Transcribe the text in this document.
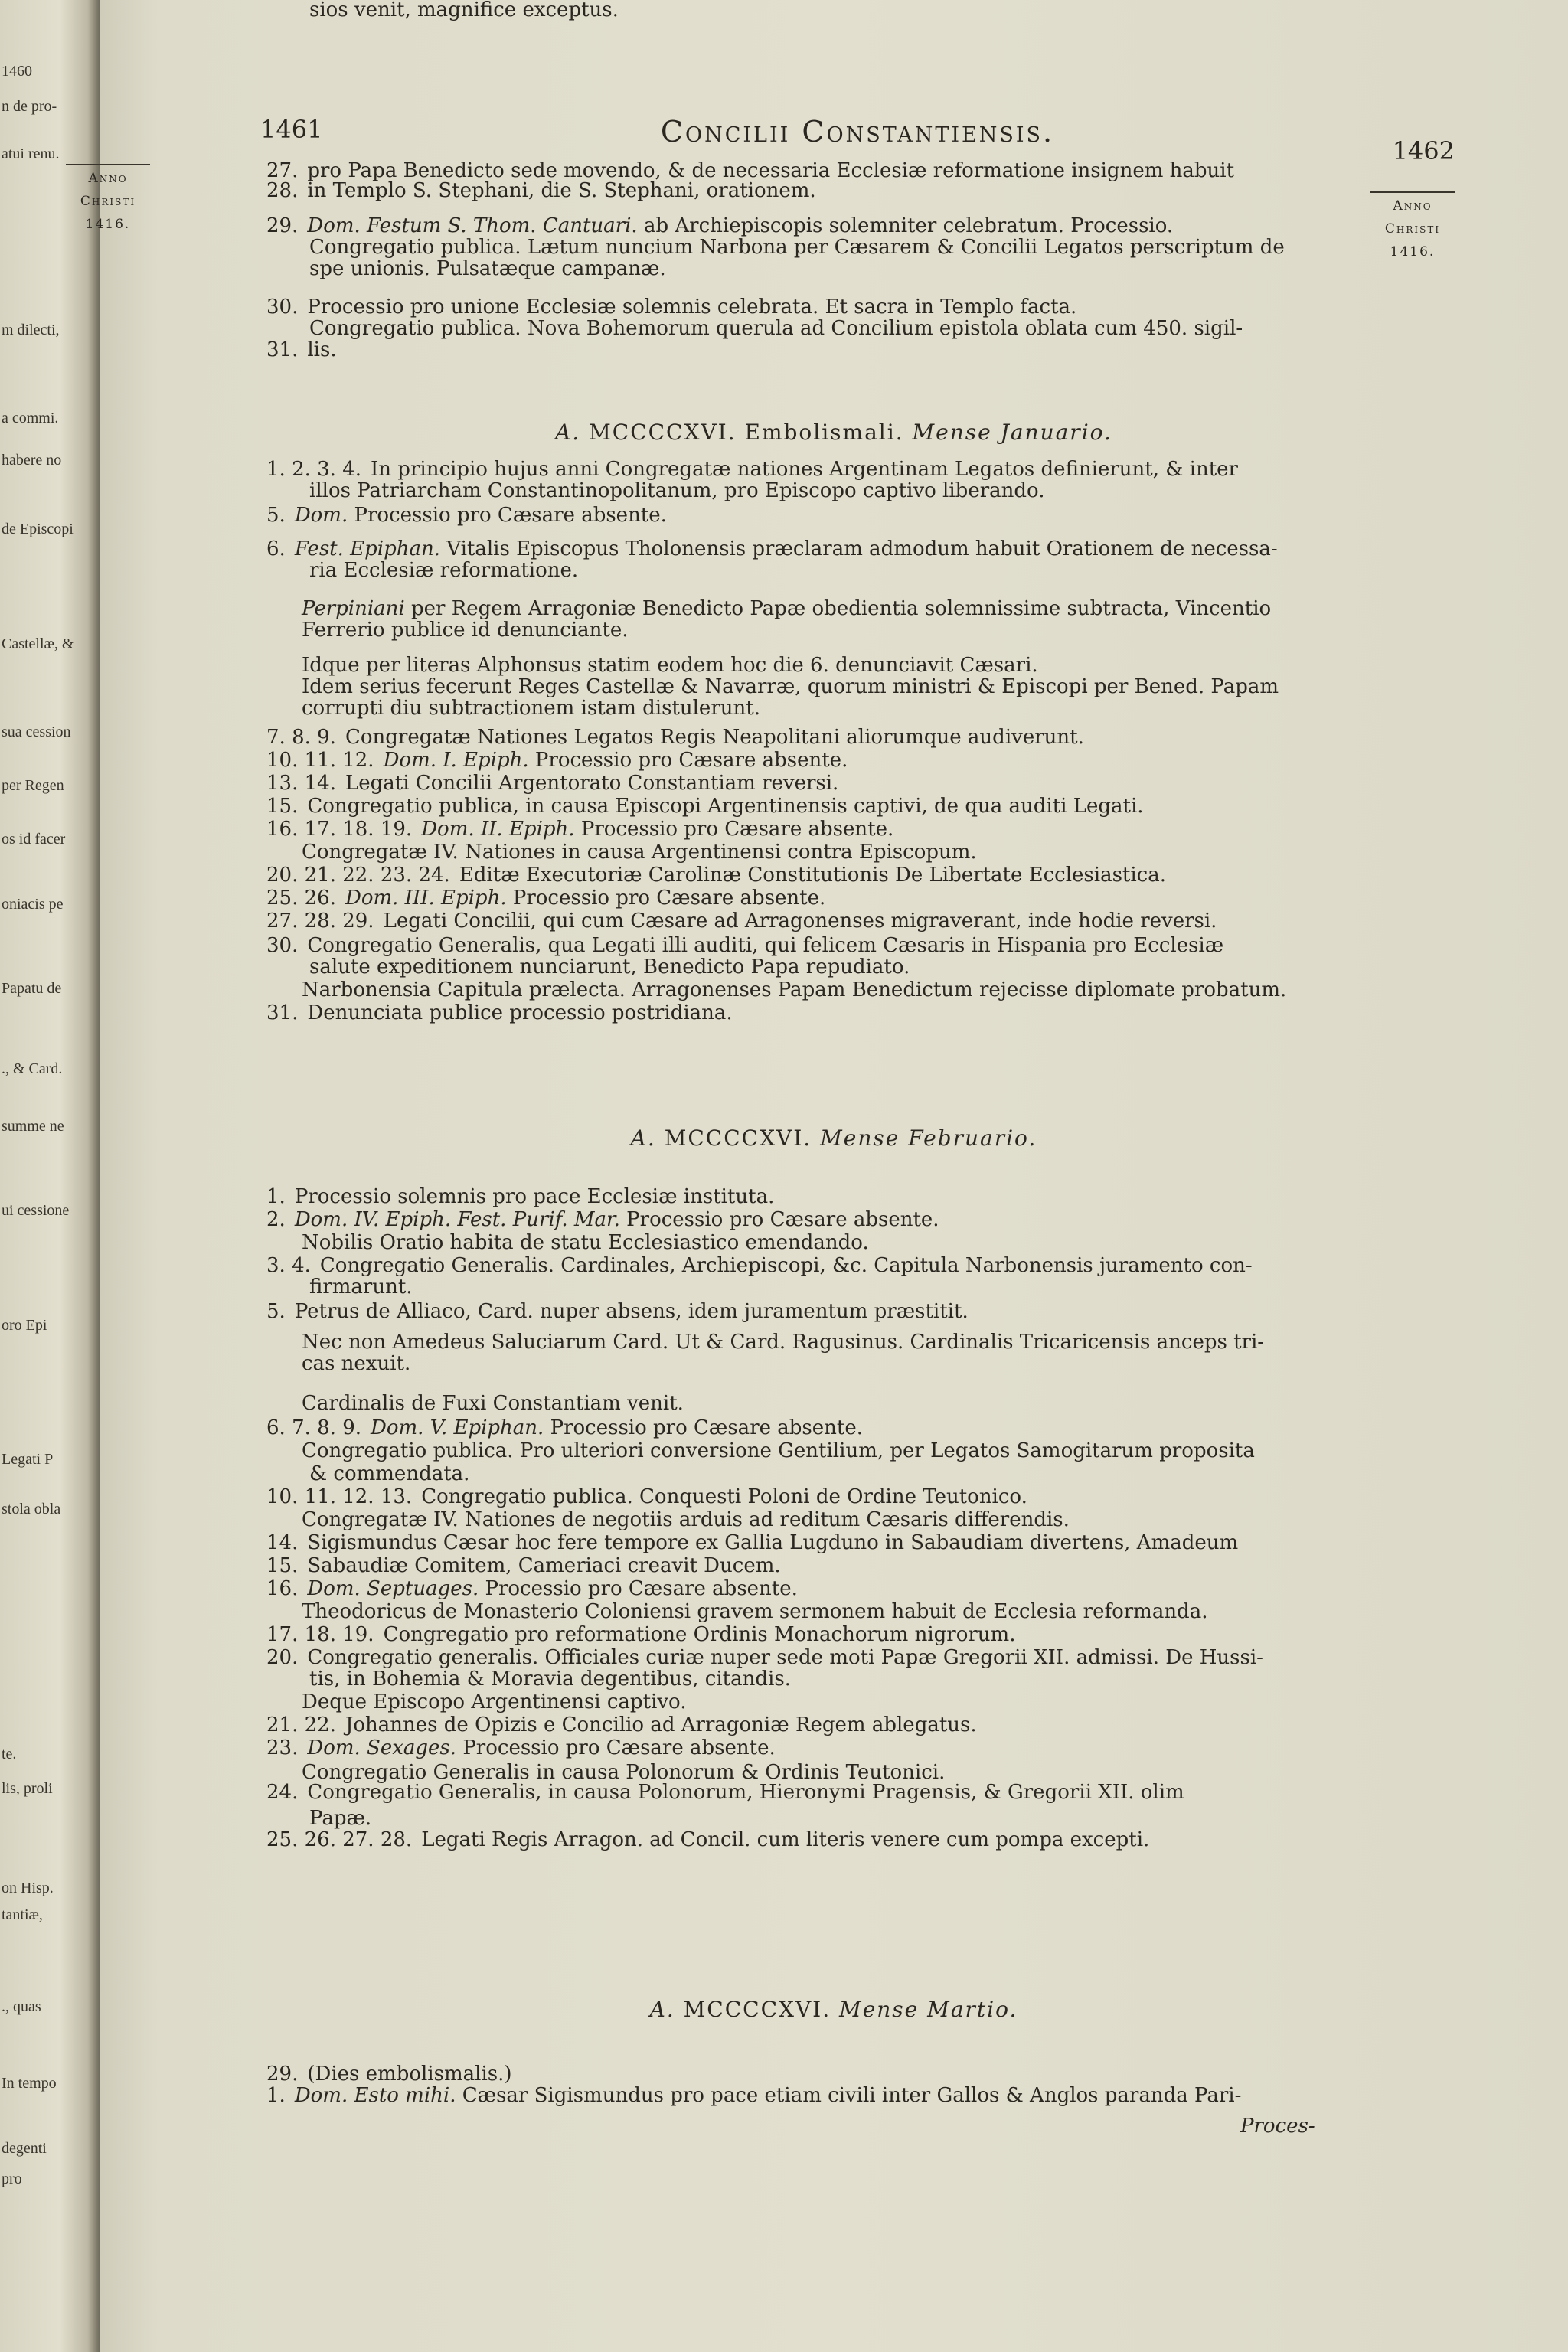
1460
n de pro-
atui renu.
m dilecti,
a commi.
habere no
de Episcopi
Castellæ, &
sua cession
per Regen
os id facer
oniacis pe
Papatu de
., & Card.
summe ne
ui cessione
oro Epi
Legati P
stola obla
te.
lis, proli
on Hisp.
tantiæ,
., quas
In tempo
degenti
pro
1461	Concilii Constantiensis.
1462
Anno
Christi
1416.
Anno
Christi
1416.
A. MCCCCXVI. Embolismali. Mense Januario.
A. MCCCCXVI. Mense Februario.
A. MCCCCXVI. Mense Martio.
27. pro Papa Benedicto sede movendo, & de necessaria Ecclesiæ reformatione insignem habuit
28. in Templo S. Stephani, die S. Stephani, orationem.
29. Dom. Festum S. Thom. Cantuari. ab Archiepiscopis solemniter celebratum. Processio.
Congregatio publica. Lætum nuncium Narbona per Cæsarem & Concilii Legatos perscriptum de
spe unionis. Pulsatæque campanæ.
30. Processio pro unione Ecclesiæ solemnis celebrata. Et sacra in Templo facta.
Congregatio publica. Nova Bohemorum querula ad Concilium epistola oblata cum 450. sigil-
31. lis.
1. 2. 3. 4. In principio hujus anni Congregatæ nationes Argentinam Legatos definierunt, & inter
illos Patriarcham Constantinopolitanum, pro Episcopo captivo liberando.
5. Dom. Processio pro Cæsare absente.
6. Fest. Epiphan. Vitalis Episcopus Tholonensis præclaram admodum habuit Orationem de necessa-
ria Ecclesiæ reformatione.
Perpiniani per Regem Arragoniæ Benedicto Papæ obedientia solemnissime subtracta, Vincentio
Ferrerio publice id denunciante.
Idque per literas Alphonsus statim eodem hoc die 6. denunciavit Cæsari.
Idem serius fecerunt Reges Castellæ & Navarræ, quorum ministri & Episcopi per Bened. Papam
corrupti diu subtractionem istam distulerunt.
7. 8. 9. Congregatæ Nationes Legatos Regis Neapolitani aliorumque audiverunt.
10. 11. 12. Dom. I. Epiph. Processio pro Cæsare absente.
13. 14. Legati Concilii Argentorato Constantiam reversi.
15. Congregatio publica, in causa Episcopi Argentinensis captivi, de qua auditi Legati.
16. 17. 18. 19. Dom. II. Epiph. Processio pro Cæsare absente.
Congregatæ IV. Nationes in causa Argentinensi contra Episcopum.
20. 21. 22. 23. 24. Editæ Executoriæ Carolinæ Constitutionis De Libertate Ecclesiastica.
25. 26. Dom. III. Epiph. Processio pro Cæsare absente.
27. 28. 29. Legati Concilii, qui cum Cæsare ad Arragonenses migraverant, inde hodie reversi.
30. Congregatio Generalis, qua Legati illi auditi, qui felicem Cæsaris in Hispania pro Ecclesiæ
salute expeditionem nunciarunt, Benedicto Papa repudiato.
Narbonensia Capitula prælecta. Arragonenses Papam Benedictum rejecisse diplomate probatum.
31. Denunciata publice processio postridiana.
1. Processio solemnis pro pace Ecclesiæ instituta.
2. Dom. IV. Epiph. Fest. Purif. Mar. Processio pro Cæsare absente.
Nobilis Oratio habita de statu Ecclesiastico emendando.
3. 4. Congregatio Generalis. Cardinales, Archiepiscopi, &c. Capitula Narbonensis juramento con-
firmarunt.
5. Petrus de Alliaco, Card. nuper absens, idem juramentum præstitit.
Nec non Amedeus Saluciarum Card. Ut & Card. Ragusinus. Cardinalis Tricaricensis anceps tri-
cas nexuit.
Cardinalis de Fuxi Constantiam venit.
6. 7. 8. 9. Dom. V. Epiphan. Processio pro Cæsare absente.
Congregatio publica. Pro ulteriori conversione Gentilium, per Legatos Samogitarum proposita
& commendata.
10. 11. 12. 13. Congregatio publica. Conquesti Poloni de Ordine Teutonico.
Congregatæ IV. Nationes de negotiis arduis ad reditum Cæsaris differendis.
14. Sigismundus Cæsar hoc fere tempore ex Gallia Lugduno in Sabaudiam divertens, Amadeum
15. Sabaudiæ Comitem, Cameriaci creavit Ducem.
16. Dom. Septuages. Processio pro Cæsare absente.
Theodoricus de Monasterio Coloniensi gravem sermonem habuit de Ecclesia reformanda.
17. 18. 19. Congregatio pro reformatione Ordinis Monachorum nigrorum.
20. Congregatio generalis. Officiales curiæ nuper sede moti Papæ Gregorii XII. admissi. De Hussi-
tis, in Bohemia & Moravia degentibus, citandis.
Deque Episcopo Argentinensi captivo.
21. 22. Johannes de Opizis e Concilio ad Arragoniæ Regem ablegatus.
23. Dom. Sexages. Processio pro Cæsare absente.
Congregatio Generalis in causa Polonorum & Ordinis Teutonici.
24. Congregatio Generalis, in causa Polonorum, Hieronymi Pragensis, & Gregorii XII. olim
Papæ.
25. 26. 27. 28. Legati Regis Arragon. ad Concil. cum literis venere cum pompa excepti.
29. (Dies embolismalis.)
1. Dom. Esto mihi. Cæsar Sigismundus pro pace etiam civili inter Gallos & Anglos paranda Pari-
sios venit, magnifice exceptus.
Proces-
